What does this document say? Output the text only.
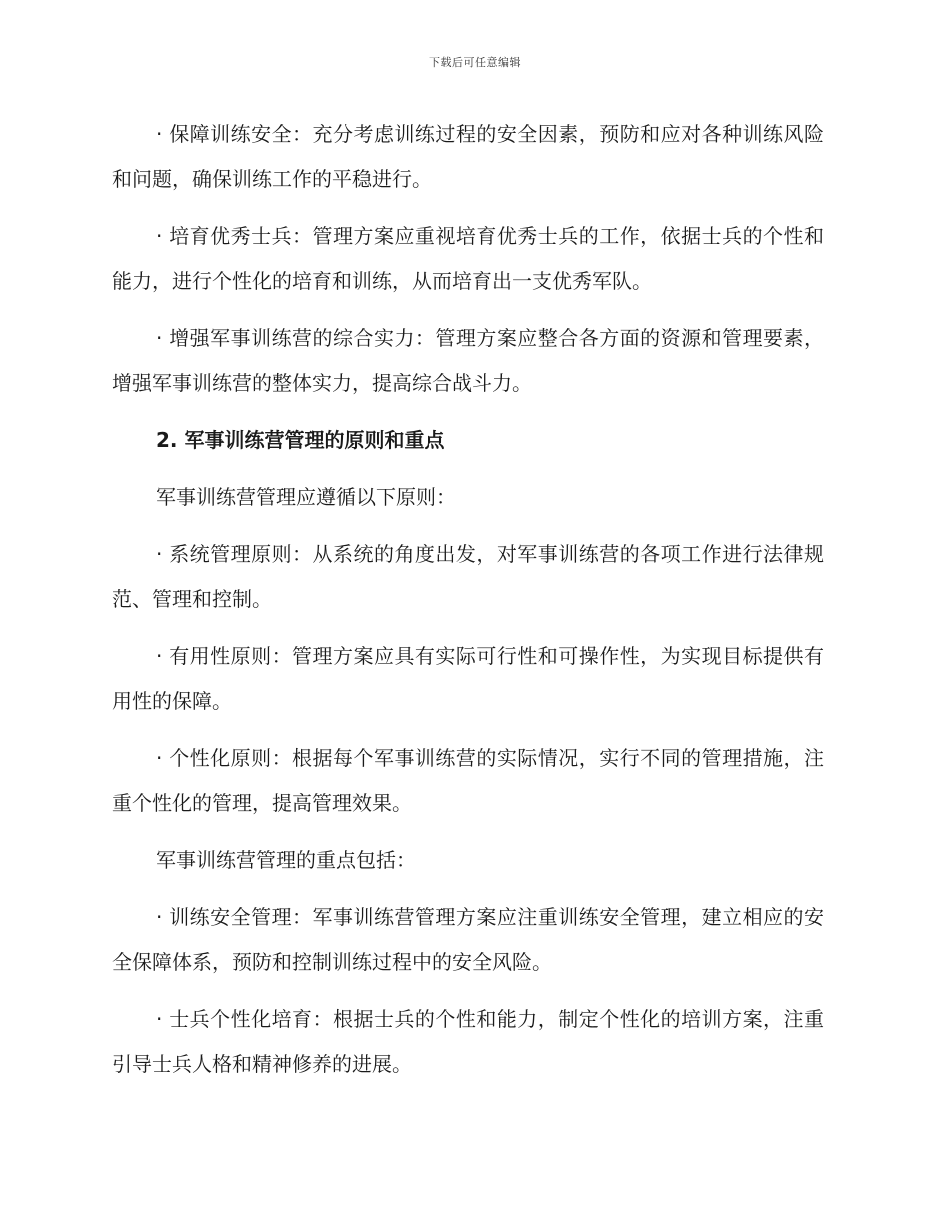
下载后可任意编辑

· 保障训练安全：充分考虑训练过程的安全因素，预防和应对各种训练风险和问题，确保训练工作的平稳进行。

· 培育优秀士兵：管理方案应重视培育优秀士兵的工作，依据士兵的个性和能力，进行个性化的培育和训练，从而培育出一支优秀军队。

· 增强军事训练营的综合实力：管理方案应整合各方面的资源和管理要素，增强军事训练营的整体实力，提高综合战斗力。

2. 军事训练营管理的原则和重点

军事训练营管理应遵循以下原则：

· 系统管理原则：从系统的角度出发，对军事训练营的各项工作进行法律规范、管理和控制。

· 有用性原则：管理方案应具有实际可行性和可操作性，为实现目标提供有用性的保障。

· 个性化原则：根据每个军事训练营的实际情况，实行不同的管理措施，注重个性化的管理，提高管理效果。

军事训练营管理的重点包括：

· 训练安全管理：军事训练营管理方案应注重训练安全管理，建立相应的安全保障体系，预防和控制训练过程中的安全风险。

· 士兵个性化培育：根据士兵的个性和能力，制定个性化的培训方案，注重引导士兵人格和精神修养的进展。
